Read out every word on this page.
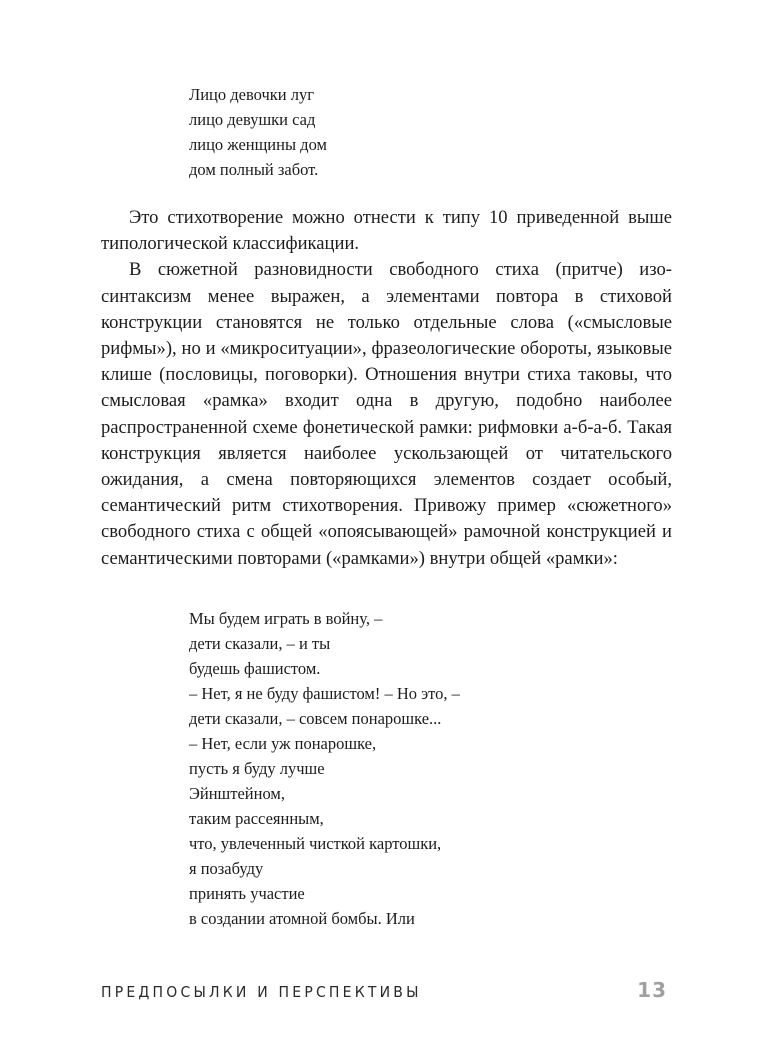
Лицо девочки луг
лицо девушки сад
лицо женщины дом
дом полный забот.

Это стихотворение можно отнести к типу 10 приведенной выше типологической классификации.

В сюжетной разновидности свободного стиха (притче) изосинтаксизм менее выражен, а элементами повтора в стиховой конструкции становятся не только отдельные слова («смысловые рифмы»), но и «микроситуации», фразеологические обороты, языковые клише (пословицы, поговорки). Отношения внутри стиха таковы, что смысловая «рамка» входит одна в другую, подобно наиболее распространенной схеме фонетической рамки: рифмовки а-б-а-б. Такая конструкция является наиболее ускользающей от читательского ожидания, а смена повторяющихся элементов создает особый, семантический ритм стихотворения. Привожу пример «сюжетного» свободного стиха с общей «опоясывающей» рамочной конструкцией и семантическими повторами («рамками») внутри общей «рамки»:

Мы будем играть в войну, –
дети сказали, – и ты
будешь фашистом.
– Нет, я не буду фашистом! – Но это, –
дети сказали, – совсем понарошке...
– Нет, если уж понарошке,
пусть я буду лучше
Эйнштейном,
таким рассеянным,
что, увлеченный чисткой картошки,
я позабуду
принять участие
в создании атомной бомбы. Или
ПРЕДПОСЫЛКИ И ПЕРСПЕКТИВЫ	13
